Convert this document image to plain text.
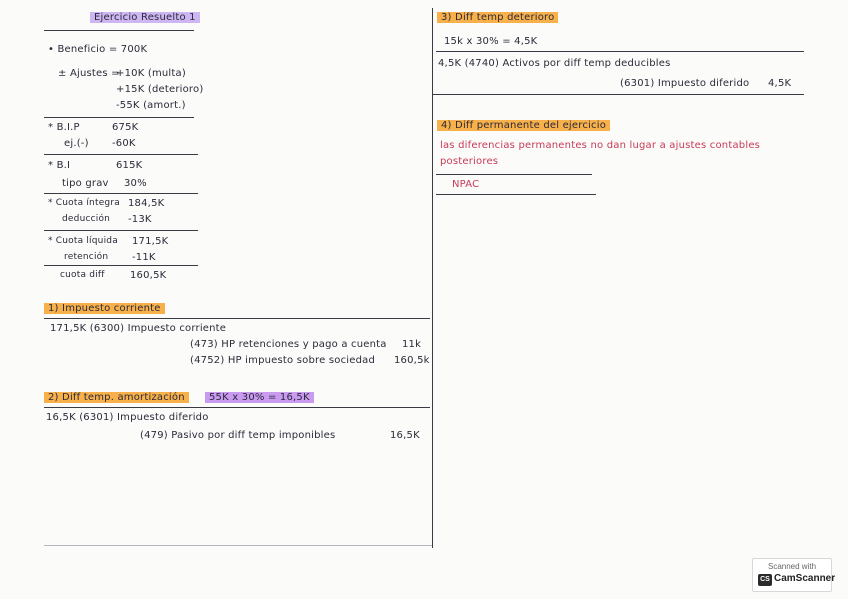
Ejercicio Resuelto 1
• Beneficio = 700K
± Ajustes =
+10K (multa)
+15K (deterioro)
-55K (amort.)
* B.I.P	675K
ej.(-) -60K
* B.I	615K
tipo grav 30%
* Cuota íntegra 184,5K
deducción -13K
* Cuota líquida 171,5K
retención -11K
cuota diff	160,5K
1) Impuesto corriente
171,5K (6300) Impuesto corriente
(473) HP retenciones y pago a cuenta 11k
(4752) HP impuesto sobre sociedad 160,5k
2) Diff temp. amortización	55K x 30% = 16,5K
16,5K (6301) Impuesto diferido
(479) Pasivo por diff temp imponibles	16,5K
3) Diff temp deterioro
15k x 30% = 4,5K
4,5K (4740) Activos por diff temp deducibles
(6301) Impuesto diferido 4,5K
4) Diff permanente del ejercicio
las diferencias permanentes no dan lugar a ajustes contables
posteriores
NPAC
Scanned with
CS CamScanner
